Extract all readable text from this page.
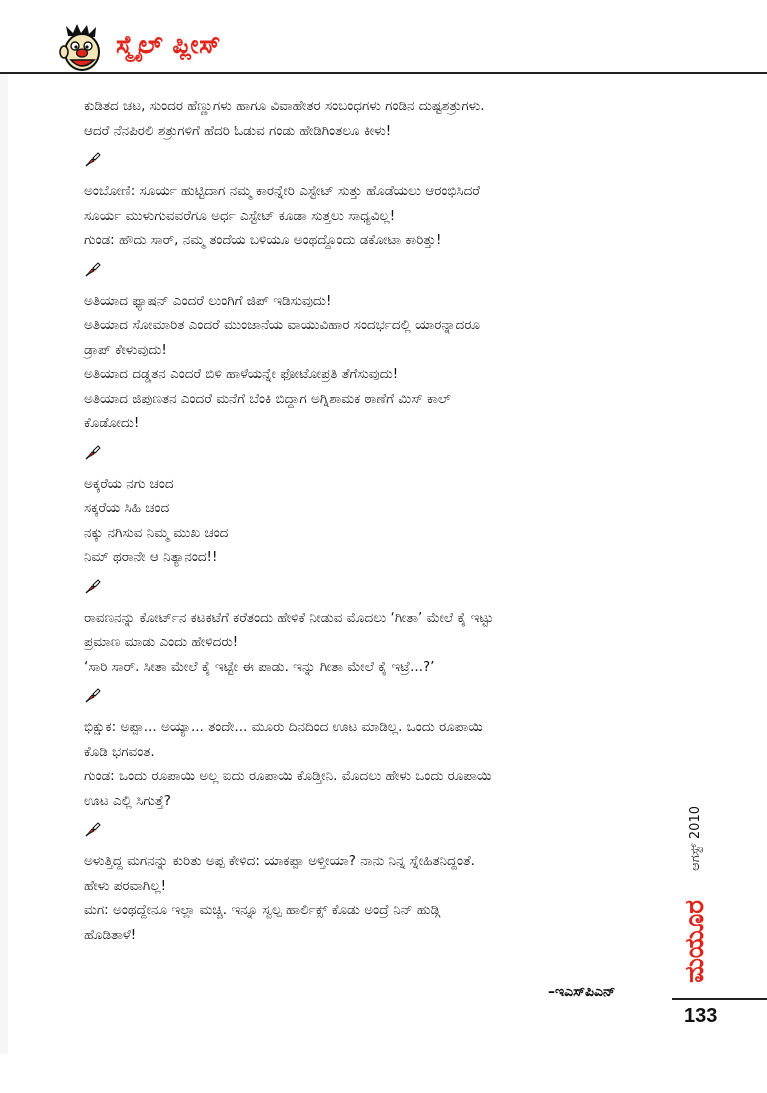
ಸ್ಮೈಲ್ ಪ್ಲೀಸ್
ಕುಡಿತದ ಚಟ, ಸುಂದರ ಹೆಣ್ಣುಗಳು ಹಾಗೂ ವಿವಾಹೇತರ ಸಂಬಂಧಗಳು ಗಂಡಿನ ದುಷ್ಟಶತ್ರುಗಳು.
ಆದರೆ ನೆನಪಿರಲಿ ಶತ್ರುಗಳಿಗೆ ಹೆದರಿ ಓಡುವ ಗಂಡು ಹೇಡಿಗಿಂತಲೂ ಕೀಳು!
ಅಂಬೋಣಿ: ಸೂರ್ಯ ಹುಟ್ಟಿದಾಗ ನಮ್ಮ ಕಾರನ್ನೇರಿ ಎಸ್ಟೇಟ್ ಸುತ್ತು ಹೊಡೆಯಲು ಆರಂಭಿಸಿದರೆ
ಸೂರ್ಯ ಮುಳುಗುವವರೆಗೂ ಅರ್ಧ ಎಸ್ಟೇಟ್ ಕೂಡಾ ಸುತ್ತಲು ಸಾಧ್ಯವಿಲ್ಲ!
ಗುಂಡ: ಹೌದು ಸಾರ್, ನಮ್ಮ ತಂದೆಯ ಬಳಿಯೂ ಅಂಥದ್ದೊಂದು ಡಕೋಟಾ ಕಾರಿತ್ತು!
ಅತಿಯಾದ ಫ್ಯಾಷನ್ ಎಂದರೆ ಲುಂಗಿಗೆ ಜಿಪ್ ಇಡಿಸುವುದು!
ಅತಿಯಾದ ಸೋಮಾರಿತ ಎಂದರೆ ಮುಂಜಾನೆಯ ವಾಯುವಿಹಾರ ಸಂದರ್ಭದಲ್ಲಿ ಯಾರನ್ನಾದರೂ
ಡ್ರಾಪ್ ಕೇಳುವುದು!
ಅತಿಯಾದ ದಡ್ಡತನ ಎಂದರೆ ಬಿಳಿ ಹಾಳೆಯನ್ನೇ ಫೋಟೋಪ್ರತಿ ತೆಗೆಸುವುದು!
ಅತಿಯಾದ ಜಿಪುಣತನ ಎಂದರೆ ಮನೆಗೆ ಬೆಂಕಿ ಬಿದ್ದಾಗ ಅಗ್ನಿಶಾಮಕ ಠಾಣೆಗೆ ಮಿಸ್ ಕಾಲ್
ಕೊಡೋದು!
ಅಕ್ಕರೆಯ ನಗು ಚಂದ
ಸಕ್ಕರೆಯ ಸಿಹಿ ಚಂದ
ನಕ್ಕು ನಗಿಸುವ ನಿಮ್ಮ ಮುಖ ಚಂದ
ನಿಮ್ ಥರಾನೇ ಆ ನಿತ್ಯಾನಂದ!!
ರಾವಣನನ್ನು ಕೋರ್ಟ್‌ನ ಕಟಕಟೆಗೆ ಕರೆತಂದು ಹೇಳಿಕೆ ನೀಡುವ ಮೊದಲು ‘ಗೀತಾ’ ಮೇಲೆ ಕೈ ಇಟ್ಟು
ಪ್ರಮಾಣ ಮಾಡು ಎಂದು ಹೇಳಿದರು!
‘ಸಾರಿ ಸಾರ್. ಸೀತಾ ಮೇಲೆ ಕೈ ಇಟ್ಟೇ ಈ ಪಾಡು. ಇನ್ನು ಗೀತಾ ಮೇಲೆ ಕೈ ಇಟ್ರೆ...?’
ಭಿಕ್ಷುಕ: ಅಪ್ಪಾ... ಅಯ್ಯಾ... ತಂದೇ... ಮೂರು ದಿನದಿಂದ ಊಟ ಮಾಡಿಲ್ಲ. ಒಂದು ರೂಪಾಯಿ
ಕೊಡಿ ಭಗವಂತ.
ಗುಂಡ: ಒಂದು ರೂಪಾಯಿ ಅಲ್ಲ ಐದು ರೂಪಾಯಿ ಕೊಡ್ತೀನಿ. ಮೊದಲು ಹೇಳು ಒಂದು ರೂಪಾಯಿ
ಊಟ ಎಲ್ಲಿ ಸಿಗುತ್ತೆ?
ಅಳುತ್ತಿದ್ದ ಮಗನನ್ನು ಕುರಿತು ಅಪ್ಪ ಕೇಳಿದ: ಯಾಕಪ್ಪಾ ಅಳ್ತೀಯಾ? ನಾನು ನಿನ್ನ ಸ್ನೇಹಿತನಿದ್ದಂತೆ.
ಹೇಳು ಪರವಾಗಿಲ್ಲ!
ಮಗ: ಅಂಥದ್ದೇನೂ ಇಲ್ಲಾ ಮಚ್ಚಿ. ಇನ್ನೂ ಸ್ವಲ್ಪ ಹಾರ್ಲಿಕ್ಸ್ ಕೊಡು ಅಂದ್ರೆ ನಿನ್ ಹುಡ್ಗಿ
ಹೊಡಿತಾಳೆ!
–ಇಎಸ್‌ಪಿಎನ್
ಆಗಸ್ಟ್ 2010
ಮಯೂರ
133
